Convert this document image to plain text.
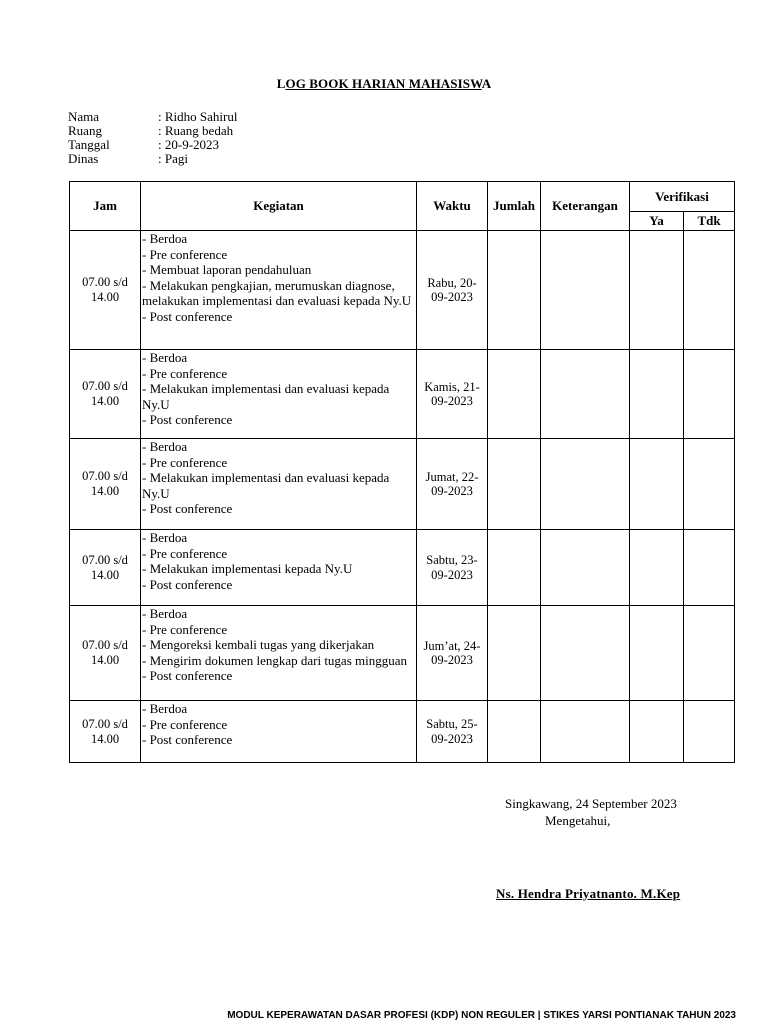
LOG BOOK HARIAN MAHASISWA
Nama	: Ridho Sahirul
Ruang	: Ruang bedah
Tanggal	: 20-9-2023
Dinas	: Pagi
Jam	Kegiatan	Waktu	Jumlah	Keterangan	Verifikasi	
					Ya	Tdk
07.00 s/d 14.00	- Berdoa
- Pre conference
- Membuat laporan pendahuluan
- Melakukan pengkajian, merumuskan diagnose, melakukan implementasi dan evaluasi kepada Ny.U
- Post conference	Rabu, 20-09-2023				
07.00 s/d 14.00	- Berdoa
- Pre conference
- Melakukan implementasi dan evaluasi kepada Ny.U
- Post conference	Kamis, 21-09-2023				
07.00 s/d 14.00	- Berdoa
- Pre conference
- Melakukan implementasi dan evaluasi kepada Ny.U
- Post conference	Jumat, 22-09-2023				
07.00 s/d 14.00	- Berdoa
- Pre conference
- Melakukan implementasi kepada Ny.U
- Post conference	Sabtu, 23-09-2023				
07.00 s/d 14.00	- Berdoa
- Pre conference
- Mengoreksi kembali tugas yang dikerjakan
- Mengirim dokumen lengkap dari tugas mingguan
- Post conference	Jum’at, 24-09-2023				
07.00 s/d 14.00	- Berdoa
- Pre conference
- Post conference	Sabtu, 25-09-2023				
Singkawang, 24 September 2023
Mengetahui,
Ns. Hendra Priyatnanto. M.Kep
MODUL KEPERAWATAN DASAR PROFESI (KDP) NON REGULER | STIKES YARSI PONTIANAK TAHUN 2023
